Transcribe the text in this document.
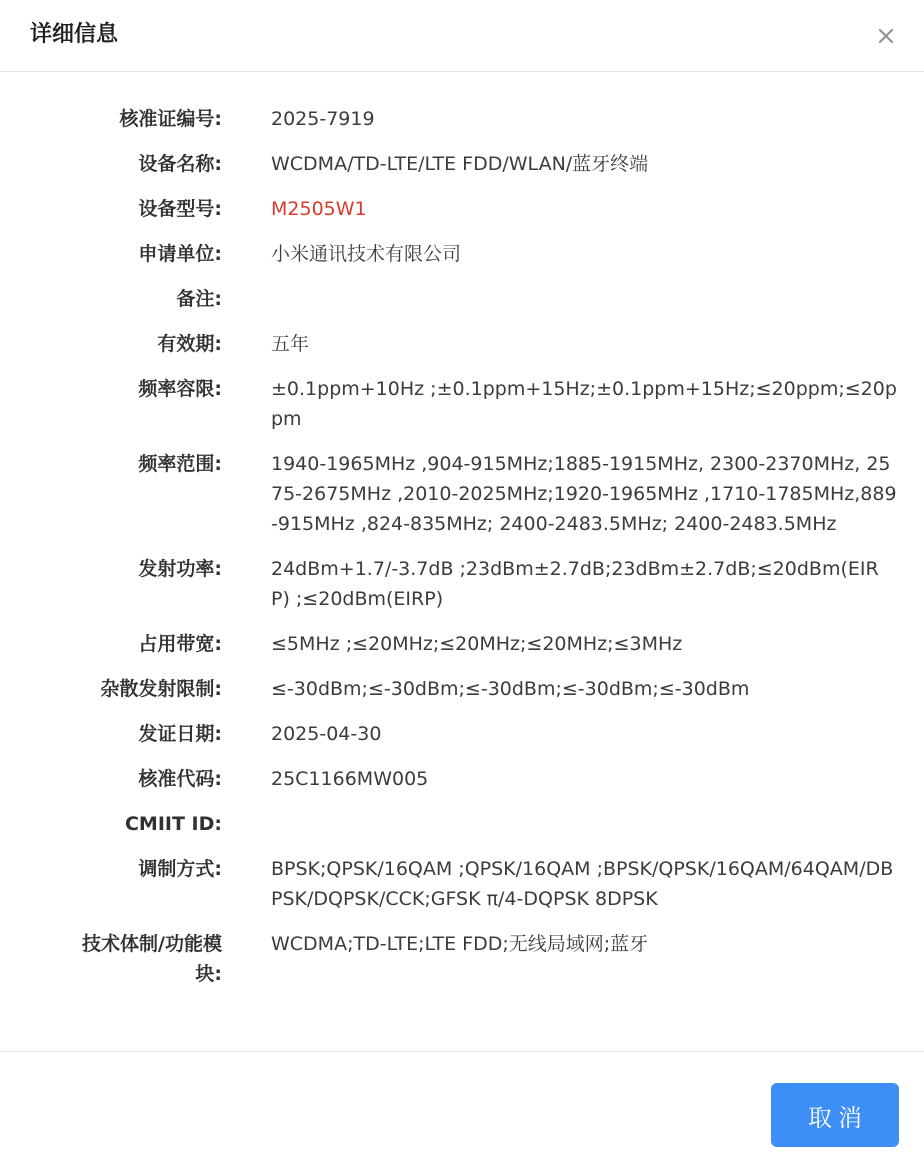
详细信息
核准证编号:	2025-7919
设备名称:	WCDMA/TD-LTE/LTE FDD/WLAN/蓝牙终端
设备型号:	M2505W1
申请单位:	小米通讯技术有限公司
备注:
有效期:	五年
频率容限:	±0.1ppm+10Hz ;±0.1ppm+15Hz;±0.1ppm+15Hz;≤20ppm;≤20ppm
频率范围:	1940-1965MHz ,904-915MHz;1885-1915MHz, 2300-2370MHz, 2575-2675MHz ,2010-2025MHz;1920-1965MHz ,1710-1785MHz,889-915MHz ,824-835MHz; 2400-2483.5MHz; 2400-2483.5MHz
发射功率:	24dBm+1.7/-3.7dB ;23dBm±2.7dB;23dBm±2.7dB;≤20dBm(EIRP) ;≤20dBm(EIRP)
占用带宽:	≤5MHz ;≤20MHz;≤20MHz;≤20MHz;≤3MHz
杂散发射限制:	≤-30dBm;≤-30dBm;≤-30dBm;≤-30dBm;≤-30dBm
发证日期:	2025-04-30
核准代码:	25C1166MW005
CMIIT ID:
调制方式:	BPSK;QPSK/16QAM ;QPSK/16QAM ;BPSK/QPSK/16QAM/64QAM/DBPSK/DQPSK/CCK;GFSK π/4-DQPSK 8DPSK
技术体制/功能模块:
WCDMA;TD-LTE;LTE FDD;无线局域网;蓝牙
取消
